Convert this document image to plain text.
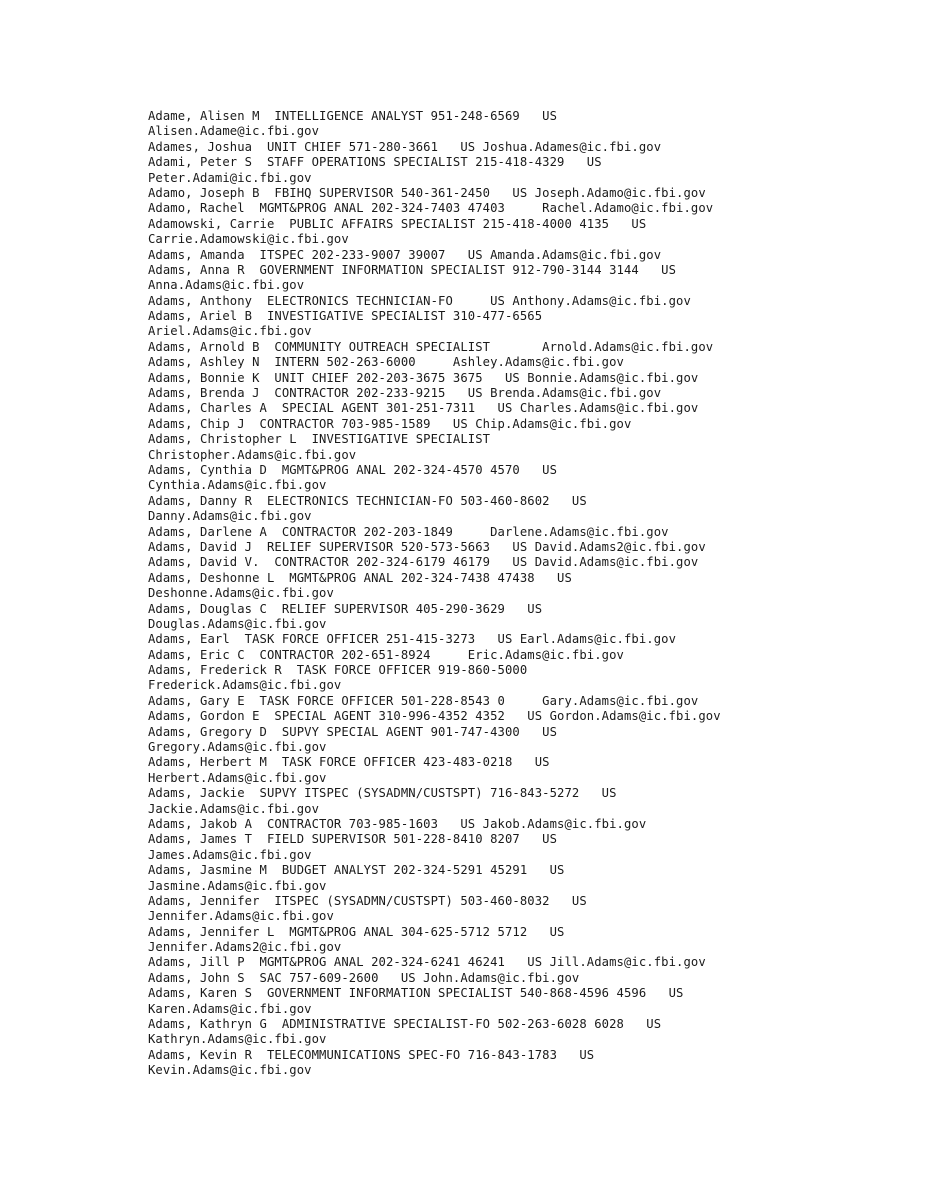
Adame, Alisen M  INTELLIGENCE ANALYST 951-248-6569   US
Alisen.Adame@ic.fbi.gov
Adames, Joshua  UNIT CHIEF 571-280-3661   US Joshua.Adames@ic.fbi.gov
Adami, Peter S  STAFF OPERATIONS SPECIALIST 215-418-4329   US
Peter.Adami@ic.fbi.gov
Adamo, Joseph B  FBIHQ SUPERVISOR 540-361-2450   US Joseph.Adamo@ic.fbi.gov
Adamo, Rachel  MGMT&PROG ANAL 202-324-7403 47403     Rachel.Adamo@ic.fbi.gov
Adamowski, Carrie  PUBLIC AFFAIRS SPECIALIST 215-418-4000 4135   US
Carrie.Adamowski@ic.fbi.gov
Adams, Amanda  ITSPEC 202-233-9007 39007   US Amanda.Adams@ic.fbi.gov
Adams, Anna R  GOVERNMENT INFORMATION SPECIALIST 912-790-3144 3144   US
Anna.Adams@ic.fbi.gov
Adams, Anthony  ELECTRONICS TECHNICIAN-FO     US Anthony.Adams@ic.fbi.gov
Adams, Ariel B  INVESTIGATIVE SPECIALIST 310-477-6565
Ariel.Adams@ic.fbi.gov
Adams, Arnold B  COMMUNITY OUTREACH SPECIALIST       Arnold.Adams@ic.fbi.gov
Adams, Ashley N  INTERN 502-263-6000     Ashley.Adams@ic.fbi.gov
Adams, Bonnie K  UNIT CHIEF 202-203-3675 3675   US Bonnie.Adams@ic.fbi.gov
Adams, Brenda J  CONTRACTOR 202-233-9215   US Brenda.Adams@ic.fbi.gov
Adams, Charles A  SPECIAL AGENT 301-251-7311   US Charles.Adams@ic.fbi.gov
Adams, Chip J  CONTRACTOR 703-985-1589   US Chip.Adams@ic.fbi.gov
Adams, Christopher L  INVESTIGATIVE SPECIALIST
Christopher.Adams@ic.fbi.gov
Adams, Cynthia D  MGMT&PROG ANAL 202-324-4570 4570   US
Cynthia.Adams@ic.fbi.gov
Adams, Danny R  ELECTRONICS TECHNICIAN-FO 503-460-8602   US
Danny.Adams@ic.fbi.gov
Adams, Darlene A  CONTRACTOR 202-203-1849     Darlene.Adams@ic.fbi.gov
Adams, David J  RELIEF SUPERVISOR 520-573-5663   US David.Adams2@ic.fbi.gov
Adams, David V.  CONTRACTOR 202-324-6179 46179   US David.Adams@ic.fbi.gov
Adams, Deshonne L  MGMT&PROG ANAL 202-324-7438 47438   US
Deshonne.Adams@ic.fbi.gov
Adams, Douglas C  RELIEF SUPERVISOR 405-290-3629   US
Douglas.Adams@ic.fbi.gov
Adams, Earl  TASK FORCE OFFICER 251-415-3273   US Earl.Adams@ic.fbi.gov
Adams, Eric C  CONTRACTOR 202-651-8924     Eric.Adams@ic.fbi.gov
Adams, Frederick R  TASK FORCE OFFICER 919-860-5000
Frederick.Adams@ic.fbi.gov
Adams, Gary E  TASK FORCE OFFICER 501-228-8543 0     Gary.Adams@ic.fbi.gov
Adams, Gordon E  SPECIAL AGENT 310-996-4352 4352   US Gordon.Adams@ic.fbi.gov
Adams, Gregory D  SUPVY SPECIAL AGENT 901-747-4300   US
Gregory.Adams@ic.fbi.gov
Adams, Herbert M  TASK FORCE OFFICER 423-483-0218   US
Herbert.Adams@ic.fbi.gov
Adams, Jackie  SUPVY ITSPEC (SYSADMN/CUSTSPT) 716-843-5272   US
Jackie.Adams@ic.fbi.gov
Adams, Jakob A  CONTRACTOR 703-985-1603   US Jakob.Adams@ic.fbi.gov
Adams, James T  FIELD SUPERVISOR 501-228-8410 8207   US
James.Adams@ic.fbi.gov
Adams, Jasmine M  BUDGET ANALYST 202-324-5291 45291   US
Jasmine.Adams@ic.fbi.gov
Adams, Jennifer  ITSPEC (SYSADMN/CUSTSPT) 503-460-8032   US
Jennifer.Adams@ic.fbi.gov
Adams, Jennifer L  MGMT&PROG ANAL 304-625-5712 5712   US
Jennifer.Adams2@ic.fbi.gov
Adams, Jill P  MGMT&PROG ANAL 202-324-6241 46241   US Jill.Adams@ic.fbi.gov
Adams, John S  SAC 757-609-2600   US John.Adams@ic.fbi.gov
Adams, Karen S  GOVERNMENT INFORMATION SPECIALIST 540-868-4596 4596   US
Karen.Adams@ic.fbi.gov
Adams, Kathryn G  ADMINISTRATIVE SPECIALIST-FO 502-263-6028 6028   US
Kathryn.Adams@ic.fbi.gov
Adams, Kevin R  TELECOMMUNICATIONS SPEC-FO 716-843-1783   US
Kevin.Adams@ic.fbi.gov
